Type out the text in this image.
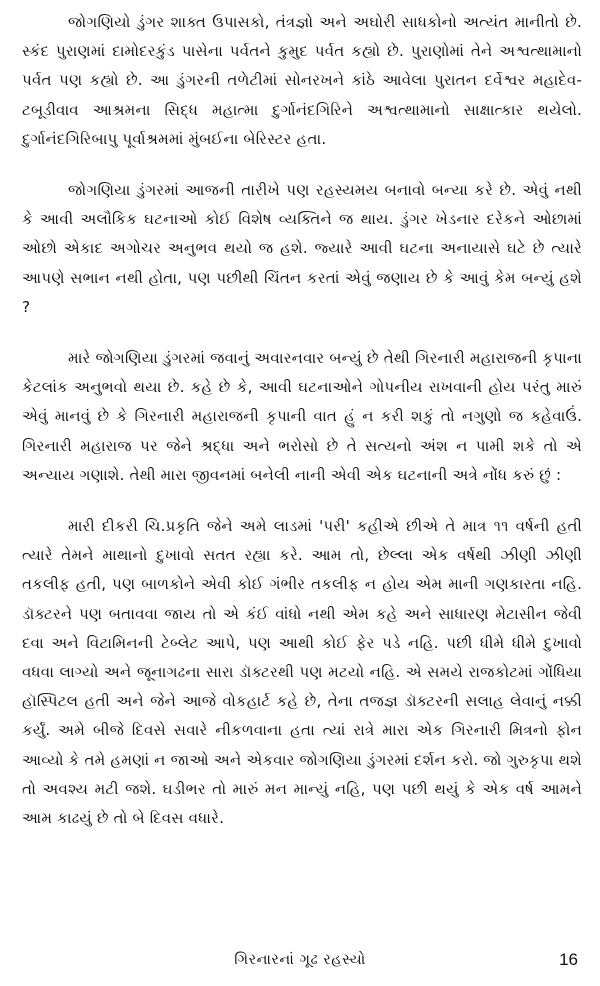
જોગણિયો ડુંગર શાક્ત ઉપાસકો, તંત્રજ્ઞો અને અઘોરી સાધકોનો અત્યંત માનીતો છે. સ્કંદ પુરાણમાં દામોદરકુંડ પાસેના પર્વતને કુમુદ પર્વત કહ્યો છે. પુરાણોમાં તેને અશ્વત્થામાનો પર્વત પણ કહ્યો છે. આ ડુંગરની તળેટીમાં સોનરખને કાંઠે આવેલા પુરાતન દર્વેશ્વર મહાદેવ-ટબૂડીવાવ આશ્રમના સિદ્ધ મહાત્મા દુર્ગાનંદગિરિને અશ્વત્થામાનો સાક્ષાત્કાર થયેલો. દુર્ગાનંદગિરિબાપુ પૂર્વાશ્રમમાં મુંબઈના બેરિસ્ટર હતા.

જોગણિયા ડુંગરમાં આજની તારીખે પણ રહસ્યમય બનાવો બન્યા કરે છે. એવું નથી કે આવી અલૌકિક ઘટનાઓ કોઈ વિશેષ વ્યક્તિને જ થાય. ડુંગર ખેડનાર દરેકને ઓછામાં ઓછો એકાદ અગોચર અનુભવ થયો જ હશે. જ્યારે આવી ઘટના અનાયાસે ઘટે છે ત્યારે આપણે સભાન નથી હોતા, પણ પછીથી ચિંતન કરતાં એવું જણાય છે કે આવું કેમ બન્યું હશે ?

મારે જોગણિયા ડુંગરમાં જવાનું અવારનવાર બન્યું છે તેથી ગિરનારી મહારાજની કૃપાના કેટલાંક અનુભવો થયા છે. કહે છે કે, આવી ઘટનાઓને ગોપનીય રાખવાની હોય પરંતુ મારું એવું માનવું છે કે ગિરનારી મહારાજની કૃપાની વાત હું ન કરી શકું તો નગુણો જ કહેવાઉં. ગિરનારી મહારાજ પર જેને શ્રદ્ધા અને ભરોસો છે તે સત્યનો અંશ ન પામી શકે તો એ અન્યાય ગણાશે. તેથી મારા જીવનમાં બનેલી નાની એવી એક ઘટનાની અત્રે નોંધ કરું છું :

મારી દીકરી ચિ.પ્રકૃતિ જેને અમે લાડમાં 'પરી' કહીએ છીએ તે માત્ર ૧૧ વર્ષની હતી ત્યારે તેમને માથાનો દુખાવો સતત રહ્યા કરે. આમ તો, છેલ્લા એક વર્ષથી ઝીણી ઝીણી તકલીફ હતી, પણ બાળકોને એવી કોઈ ગંભીર તકલીફ ન હોય એમ માની ગણકારતા નહિ. ડૉક્ટરને પણ બતાવવા જાય તો એ કંઈ વાંધો નથી એમ કહે અને સાધારણ મેટાસીન જેવી દવા અને વિટામિનની ટેબ્લેટ આપે, પણ આથી કોઈ ફેર પડે નહિ. પછી ધીમે ધીમે દુખાવો વધવા લાગ્યો અને જૂનાગઢના સારા ડૉક્ટરથી પણ મટયો નહિ. એ સમયે રાજકોટમાં ગોંધિયા હૉસ્પિટલ હતી અને જેને આજે વોકહાર્ટ કહે છે, તેના તજજ્ઞ ડૉક્ટરની સલાહ લેવાનું નક્કી કર્યું. અમે બીજે દિવસે સવારે નીકળવાના હતા ત્યાં રાત્રે મારા એક ગિરનારી મિત્રનો ફોન આવ્યો કે તમે હમણાં ન જાઓ અને એકવાર જોગણિયા ડુંગરમાં દર્શન કરો. જો ગુરુકૃપા થશે તો અવશ્ય મટી જશે. ઘડીભર તો મારું મન માન્યું નહિ, પણ પછી થયું કે એક વર્ષ આમને આમ કાઢયું છે તો બે દિવસ વધારે.

ગિરનારનાં ગૂઢ રહસ્યો	16
